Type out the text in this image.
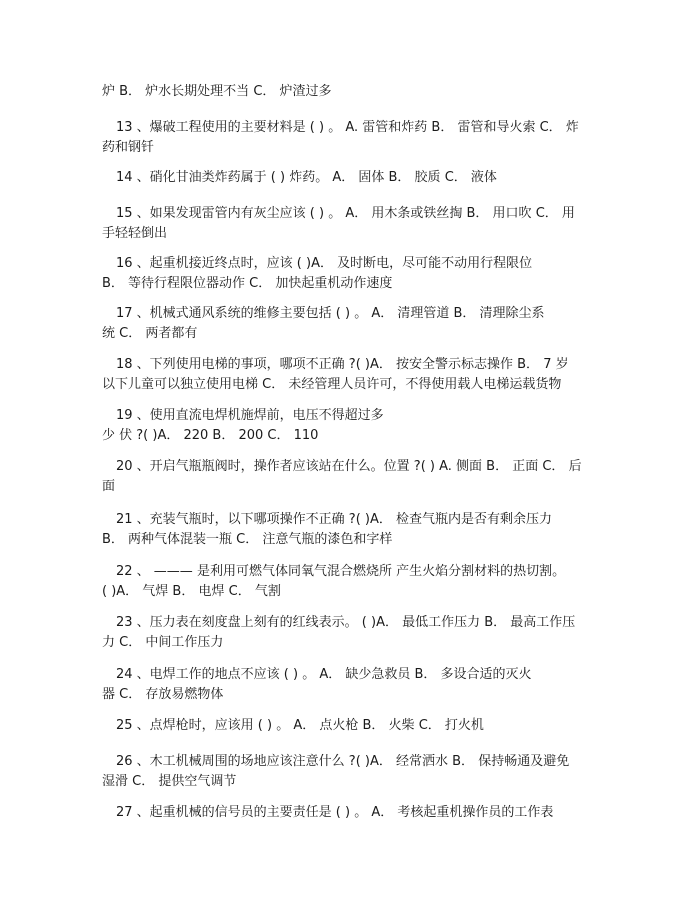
炉 B． 炉水长期处理不当 C． 炉渣过多

13 、爆破工程使用的主要材料是 ( ) 。 A. 雷管和炸药 B． 雷管和导火索 C． 炸
药和钢钎

14 、硝化甘油类炸药属于 ( ) 炸药。 A． 固体 B． 胶质 C． 液体

15 、如果发现雷管内有灰尘应该 ( ) 。 A． 用木条或铁丝掏 B． 用口吹 C． 用
手轻轻倒出

16 、起重机接近终点时，应该 ( )A． 及时断电，尽可能不动用行程限位
B． 等待行程限位器动作 C． 加快起重机动作速度

17 、机械式通风系统的维修主要包括 ( ) 。 A． 清理管道 B． 清理除尘系
统 C． 两者都有

18 、下列使用电梯的事项，哪项不正确 ?( )A． 按安全警示标志操作 B． 7 岁
以下儿童可以独立使用电梯 C． 未经管理人员许可，不得使用载人电梯运载货物

19 、使用直流电焊机施焊前，电压不得超过多
少 伏 ?( )A． 220 B． 200 C． 110

20 、开启气瓶瓶阀时，操作者应该站在什么。位置 ?( ) A. 侧面 B． 正面 C． 后
面

21 、充装气瓶时，以下哪项操作不正确 ?( )A． 检查气瓶内是否有剩余压力
B． 两种气体混装一瓶 C． 注意气瓶的漆色和字样

22 、 ——— 是利用可燃气体同氧气混合燃烧所 产生火焰分割材料的热切割。
( )A． 气焊 B． 电焊 C． 气割

23 、压力表在刻度盘上刻有的红线表示。 ( )A． 最低工作压力 B． 最高工作压
力 C． 中间工作压力

24 、电焊工作的地点不应该 ( ) 。 A． 缺少急救员 B． 多设合适的灭火
器 C． 存放易燃物体

25 、点焊枪时，应该用 ( ) 。 A． 点火枪 B． 火柴 C． 打火机

26 、木工机械周围的场地应该注意什么 ?( )A． 经常洒水 B． 保持畅通及避免
湿滑 C． 提供空气调节

27 、起重机械的信号员的主要责任是 ( ) 。 A． 考核起重机操作员的工作表
